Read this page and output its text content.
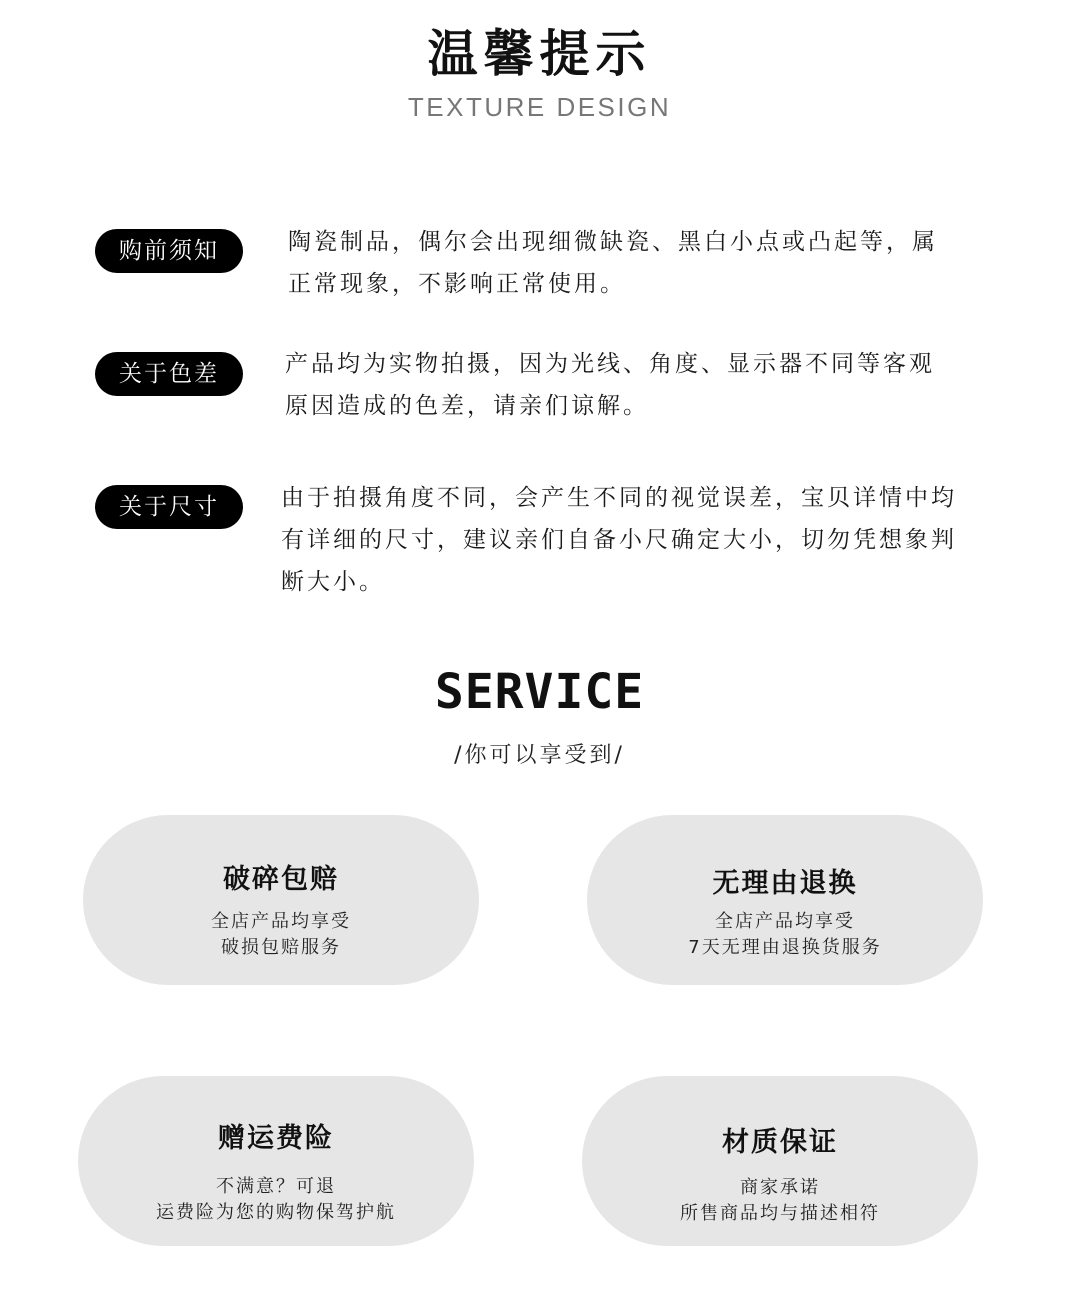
温馨提示
TEXTURE DESIGN
购前须知	陶瓷制品，偶尔会出现细微缺瓷、黑白小点或凸起等，属
正常现象，不影响正常使用。
关于色差	产品均为实物拍摄，因为光线、角度、显示器不同等客观
原因造成的色差，请亲们谅解。
关于尺寸	由于拍摄角度不同，会产生不同的视觉误差，宝贝详情中均
有详细的尺寸，建议亲们自备小尺确定大小，切勿凭想象判
断大小。
SERVICE
/你可以享受到/
破碎包赔
全店产品均享受
破损包赔服务
无理由退换
全店产品均享受
7天无理由退换货服务
赠运费险
不满意？可退
运费险为您的购物保驾护航
材质保证
商家承诺
所售商品均与描述相符
